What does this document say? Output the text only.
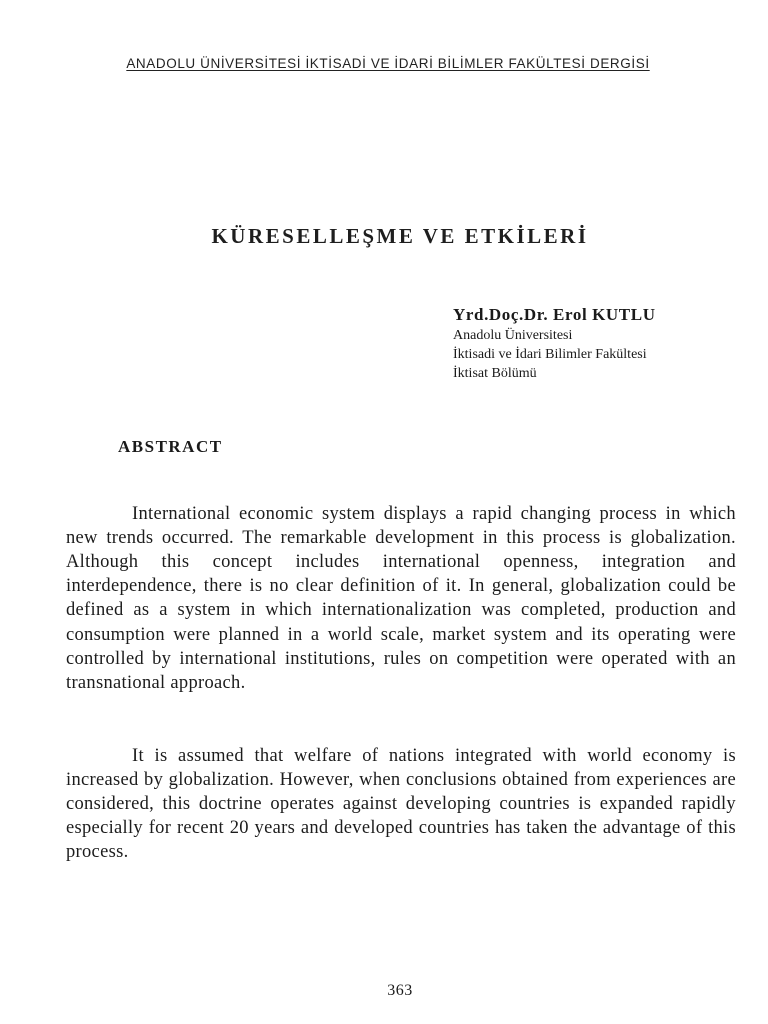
ANADOLU ÜNİVERSİTESİ İKTİSADİ VE İDARİ BİLİMLER FAKÜLTESİ DERGİSİ
KÜRESELLEŞME VE ETKİLERİ
Yrd.Doç.Dr. Erol KUTLU
Anadolu Üniversitesi
İktisadi ve İdari Bilimler Fakültesi
İktisat Bölümü
ABSTRACT

International economic system displays a rapid changing process in which new trends occurred. The remarkable development in this process is globalization. Although this concept includes international openness, integration and interdependence, there is no clear definition of it. In general, globalization could be defined as a system in which internationalization was completed, production and consumption were planned in a world scale, market system and its operating were controlled by international institutions, rules on competition were operated with an transnational approach.

It is assumed that welfare of nations integrated with world economy is increased by globalization. However, when conclusions obtained from experiences are considered, this doctrine operates against developing countries is expanded rapidly especially for recent 20 years and developed countries has taken the advantage of this process.

363
